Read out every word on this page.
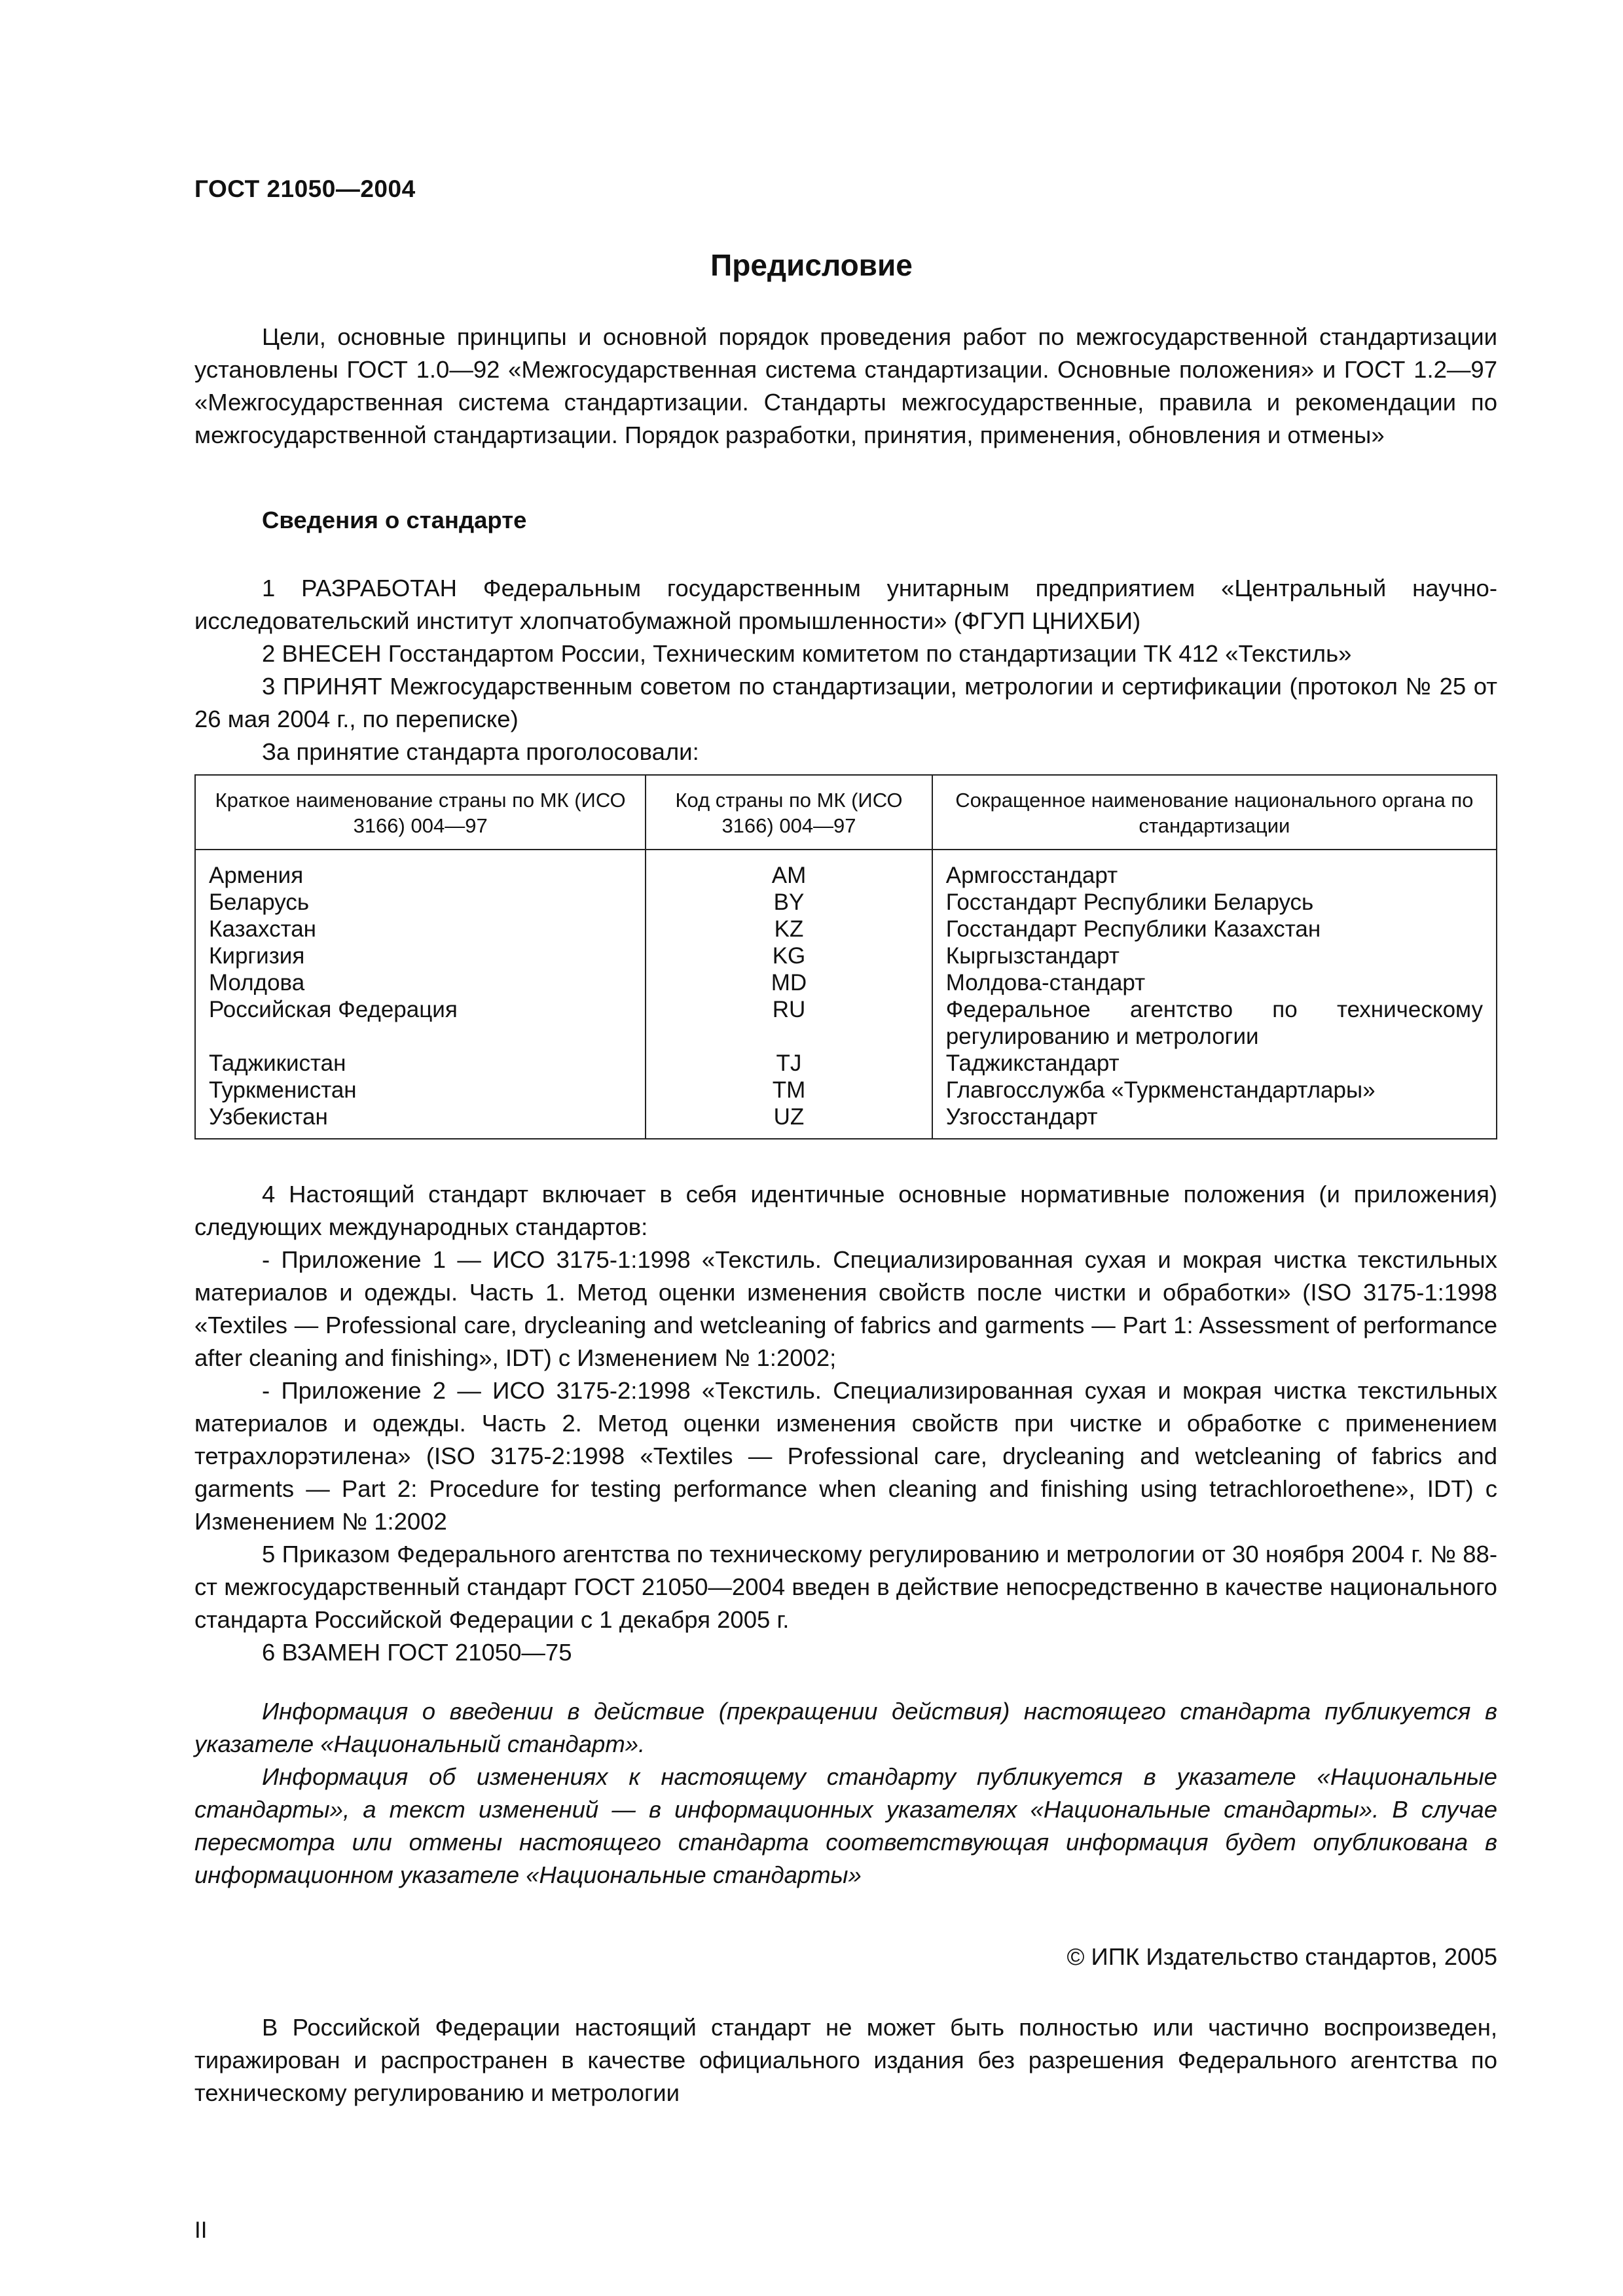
ГОСТ 21050—2004
Предисловие

Цели, основные принципы и основной порядок проведения работ по межгосударственной стандартизации установлены ГОСТ 1.0—92 «Межгосударственная система стандартизации. Основные положения» и ГОСТ 1.2—97 «Межгосударственная система стандартизации. Стандарты межгосударственные, правила и рекомендации по межгосударственной стандартизации. Порядок разработки, принятия, применения, обновления и отмены»

Сведения о стандарте

1 РАЗРАБОТАН Федеральным государственным унитарным предприятием «Центральный научно-исследовательский институт хлопчатобумажной промышленности» (ФГУП ЦНИХБИ)

2 ВНЕСЕН Госстандартом России, Техническим комитетом по стандартизации ТК 412 «Текстиль»

3 ПРИНЯТ Межгосударственным советом по стандартизации, метрологии и сертификации (протокол № 25 от 26 мая 2004 г., по переписке)

За принятие стандарта проголосовали:

Краткое наименование страны по МК (ИСО 3166) 004—97	Код страны по МК (ИСО 3166) 004—97	Сокращенное наименование национального органа по стандартизации
Армения	AM	Армгосстандарт
Беларусь	BY	Госстандарт Республики Беларусь
Казахстан	KZ	Госстандарт Республики Казахстан
Киргизия	KG	Кыргызстандарт
Молдова	MD	Молдова-стандарт
Российская Федерация	RU	Федеральное агентство по техническому регулированию и метрологии
Таджикистан	TJ	Таджикстандарт
Туркменистан	TM	Главгосслужба «Туркменстандартлары»
Узбекистан	UZ	Узгосстандарт

4 Настоящий стандарт включает в себя идентичные основные нормативные положения (и приложения) следующих международных стандартов:

- Приложение 1 — ИСО 3175-1:1998 «Текстиль. Специализированная сухая и мокрая чистка текстильных материалов и одежды. Часть 1. Метод оценки изменения свойств после чистки и обработки» (ISO 3175-1:1998 «Textiles — Professional care, drycleaning and wetcleaning of fabrics and garments — Part 1: Assessment of performance after cleaning and finishing», IDT) с Изменением № 1:2002;

- Приложение 2 — ИСО 3175-2:1998 «Текстиль. Специализированная сухая и мокрая чистка текстильных материалов и одежды. Часть 2. Метод оценки изменения свойств при чистке и обработке с применением тетрахлорэтилена» (ISO 3175-2:1998 «Textiles — Professional care, drycleaning and wetcleaning of fabrics and garments — Part 2: Procedure for testing performance when cleaning and finishing using tetrachloroethene», IDT) с Изменением № 1:2002

5 Приказом Федерального агентства по техническому регулированию и метрологии от 30 ноября 2004 г. № 88-ст межгосударственный стандарт ГОСТ 21050—2004 введен в действие непосредственно в качестве национального стандарта Российской Федерации с 1 декабря 2005 г.

6 ВЗАМЕН ГОСТ 21050—75

Информация о введении в действие (прекращении действия) настоящего стандарта публикуется в указателе «Национальный стандарт».

Информация об изменениях к настоящему стандарту публикуется в указателе «Национальные стандарты», а текст изменений — в информационных указателях «Национальные стандарты». В случае пересмотра или отмены настоящего стандарта соответствующая информация будет опубликована в информационном указателе «Национальные стандарты»

© ИПК Издательство стандартов, 2005

В Российской Федерации настоящий стандарт не может быть полностью или частично воспроизведен, тиражирован и распространен в качестве официального издания без разрешения Федерального агентства по техническому регулированию и метрологии

II
